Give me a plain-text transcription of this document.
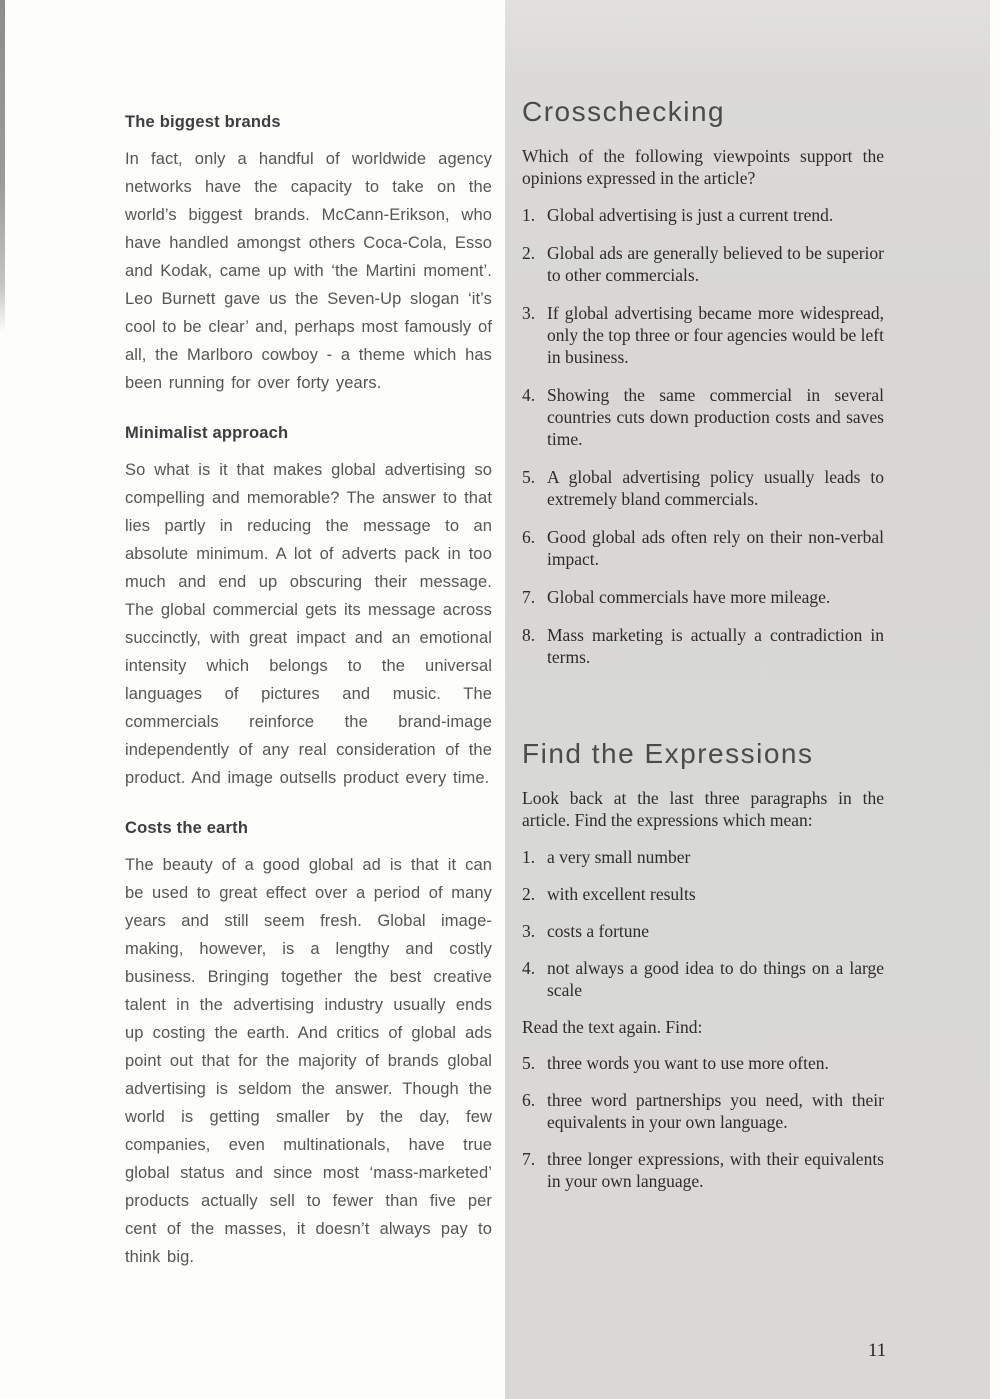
The biggest brands

In fact, only a handful of worldwide agency networks have the capacity to take on the world’s biggest brands. McCann-Erikson, who have handled amongst others Coca-Cola, Esso and Kodak, came up with ‘the Martini moment’. Leo Burnett gave us the Seven-Up slogan ‘it’s cool to be clear’ and, perhaps most famously of all, the Marlboro cowboy - a theme which has been running for over forty years.

Minimalist approach

So what is it that makes global advertising so compelling and memorable? The answer to that lies partly in reducing the message to an absolute minimum. A lot of adverts pack in too much and end up obscuring their message. The global commercial gets its message across succinctly, with great impact and an emotional intensity which belongs to the universal languages of pictures and music. The commercials reinforce the brand-image independently of any real consideration of the product. And image outsells product every time.

Costs the earth

The beauty of a good global ad is that it can be used to great effect over a period of many years and still seem fresh. Global image-making, however, is a lengthy and costly business. Bringing together the best creative talent in the advertising industry usually ends up costing the earth. And critics of global ads point out that for the majority of brands global advertising is seldom the answer. Though the world is getting smaller by the day, few companies, even multinationals, have true global status and since most ‘mass-marketed’ products actually sell to fewer than five per cent of the masses, it doesn’t always pay to think big.

Crosschecking

Which of the following viewpoints support the opinions expressed in the article?

1. Global advertising is just a current trend.
2. Global ads are generally believed to be superior to other commercials.
3. If global advertising became more widespread, only the top three or four agencies would be left in business.
4. Showing the same commercial in several countries cuts down production costs and saves time.
5. A global advertising policy usually leads to extremely bland commercials.
6. Good global ads often rely on their non-verbal impact.
7. Global commercials have more mileage.
8. Mass marketing is actually a contradiction in terms.
Find the Expressions

Look back at the last three paragraphs in the article. Find the expressions which mean:

1. a very small number
2. with excellent results
3. costs a fortune
4. not always a good idea to do things on a large scale

Read the text again. Find:

5. three words you want to use more often.
6. three word partnerships you need, with their equivalents in your own language.
7. three longer expressions, with their equivalents in your own language.
11
